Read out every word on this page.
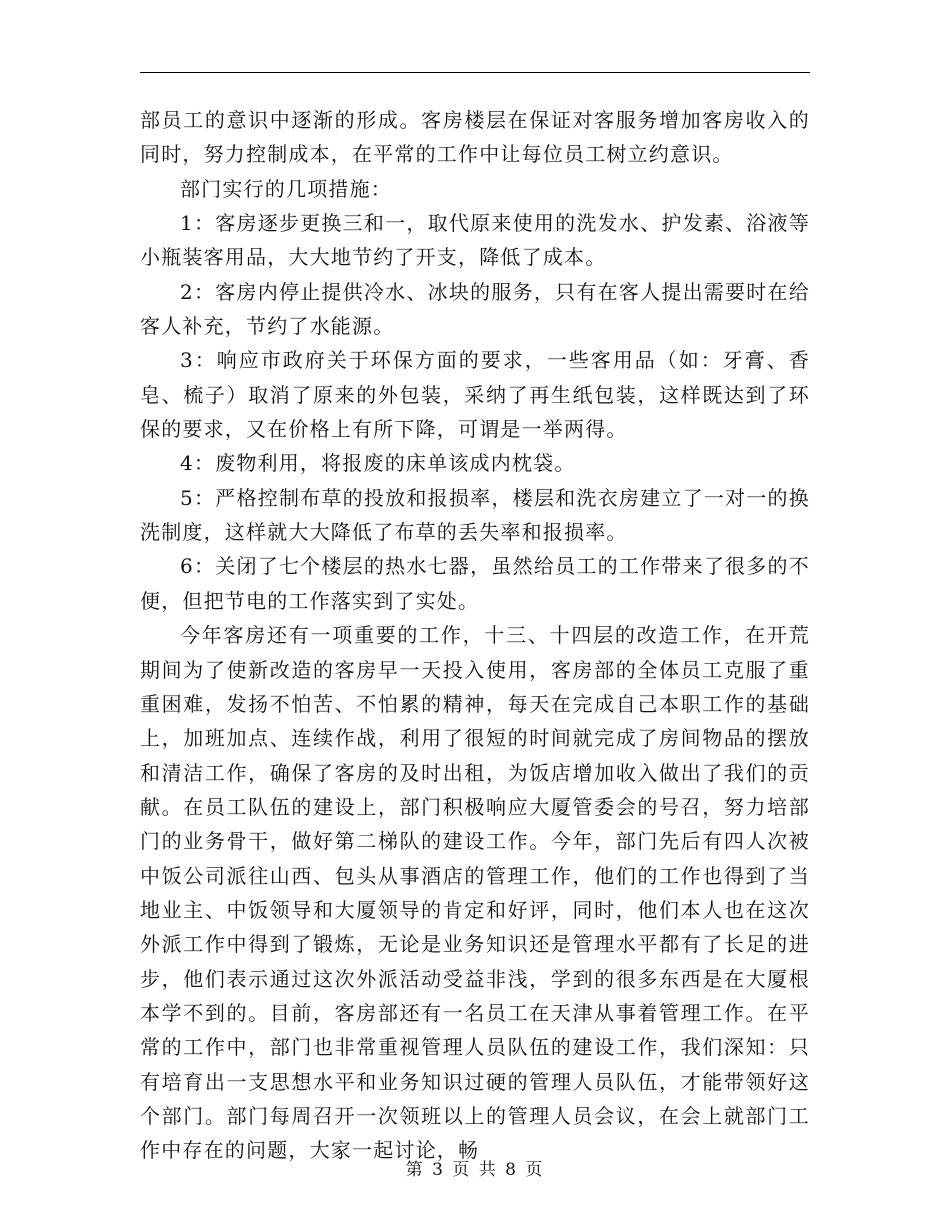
部员工的意识中逐渐的形成。客房楼层在保证对客服务增加客房收入的同时，努力控制成本，在平常的工作中让每位员工树立约意识。

部门实行的几项措施：

1：客房逐步更换三和一，取代原来使用的洗发水、护发素、浴液等小瓶装客用品，大大地节约了开支，降低了成本。

2：客房内停止提供冷水、冰块的服务，只有在客人提出需要时在给客人补充，节约了水能源。

3：响应市政府关于环保方面的要求，一些客用品（如：牙膏、香皂、梳子）取消了原来的外包装，采纳了再生纸包装，这样既达到了环保的要求，又在价格上有所下降，可谓是一举两得。

4：废物利用，将报废的床单该成内枕袋。

5：严格控制布草的投放和报损率，楼层和洗衣房建立了一对一的换洗制度，这样就大大降低了布草的丢失率和报损率。

6：关闭了七个楼层的热水七器，虽然给员工的工作带来了很多的不便，但把节电的工作落实到了实处。

今年客房还有一项重要的工作，十三、十四层的改造工作，在开荒期间为了使新改造的客房早一天投入使用，客房部的全体员工克服了重重困难，发扬不怕苦、不怕累的精神，每天在完成自己本职工作的基础上，加班加点、连续作战，利用了很短的时间就完成了房间物品的摆放和清洁工作，确保了客房的及时出租，为饭店增加收入做出了我们的贡献。在员工队伍的建设上，部门积极响应大厦管委会的号召，努力培部门的业务骨干，做好第二梯队的建设工作。今年，部门先后有四人次被中饭公司派往山西、包头从事酒店的管理工作，他们的工作也得到了当地业主、中饭领导和大厦领导的肯定和好评，同时，他们本人也在这次外派工作中得到了锻炼，无论是业务知识还是管理水平都有了长足的进步，他们表示通过这次外派活动受益非浅，学到的很多东西是在大厦根本学不到的。目前，客房部还有一名员工在天津从事着管理工作。在平常的工作中，部门也非常重视管理人员队伍的建设工作，我们深知：只有培育出一支思想水平和业务知识过硬的管理人员队伍，才能带领好这个部门。部门每周召开一次领班以上的管理人员会议，在会上就部门工作中存在的问题，大家一起讨论，畅

第 3 页 共 8 页
